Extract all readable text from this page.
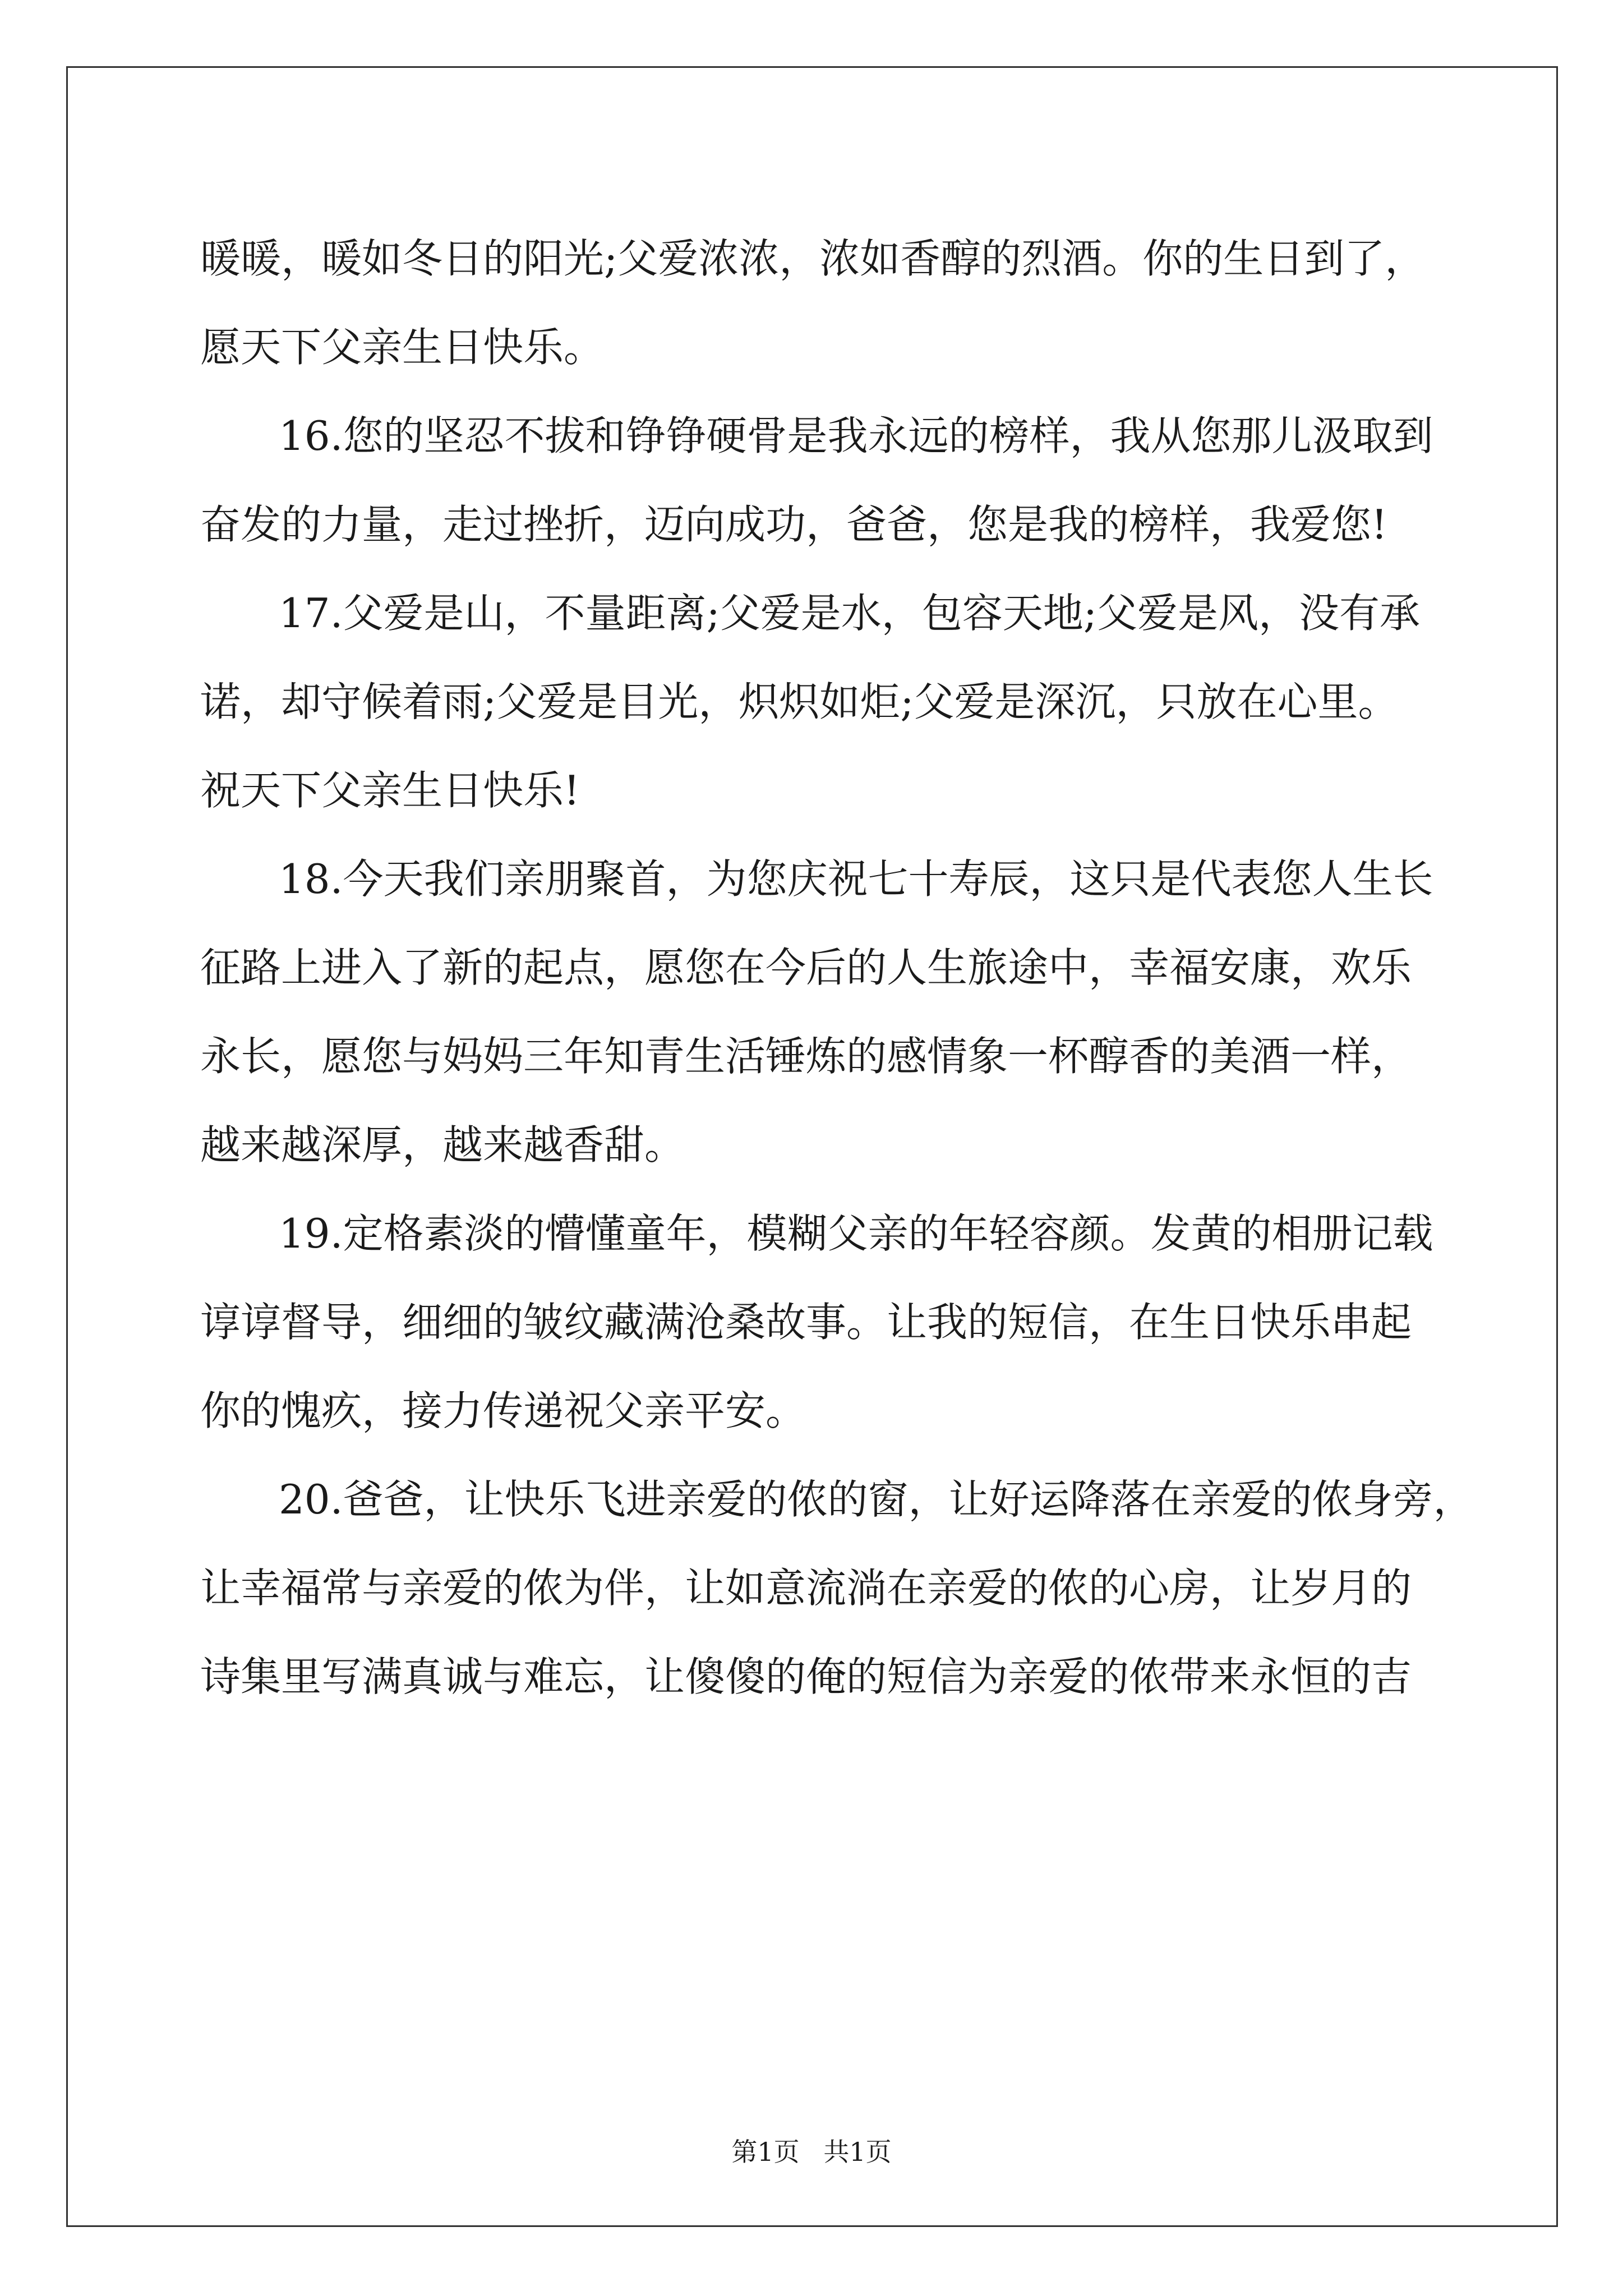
暖暖，暖如冬日的阳光;父爱浓浓，浓如香醇的烈酒。你的生日到了，
愿天下父亲生日快乐。
16.您的坚忍不拔和铮铮硬骨是我永远的榜样，我从您那儿汲取到
奋发的力量，走过挫折，迈向成功，爸爸，您是我的榜样，我爱您!
17.父爱是山，不量距离;父爱是水，包容天地;父爱是风，没有承
诺，却守候着雨;父爱是目光，炽炽如炬;父爱是深沉，只放在心里。
祝天下父亲生日快乐!
18.今天我们亲朋聚首，为您庆祝七十寿辰，这只是代表您人生长
征路上进入了新的起点，愿您在今后的人生旅途中，幸福安康，欢乐
永长，愿您与妈妈三年知青生活锤炼的感情象一杯醇香的美酒一样，
越来越深厚，越来越香甜。
19.定格素淡的懵懂童年，模糊父亲的年轻容颜。发黄的相册记载
谆谆督导，细细的皱纹藏满沧桑故事。让我的短信，在生日快乐串起
你的愧疚，接力传递祝父亲平安。
20.爸爸，让快乐飞进亲爱的侬的窗，让好运降落在亲爱的侬身旁，
让幸福常与亲爱的侬为伴，让如意流淌在亲爱的侬的心房，让岁月的
诗集里写满真诚与难忘，让傻傻的俺的短信为亲爱的侬带来永恒的吉
第1页 共1页
